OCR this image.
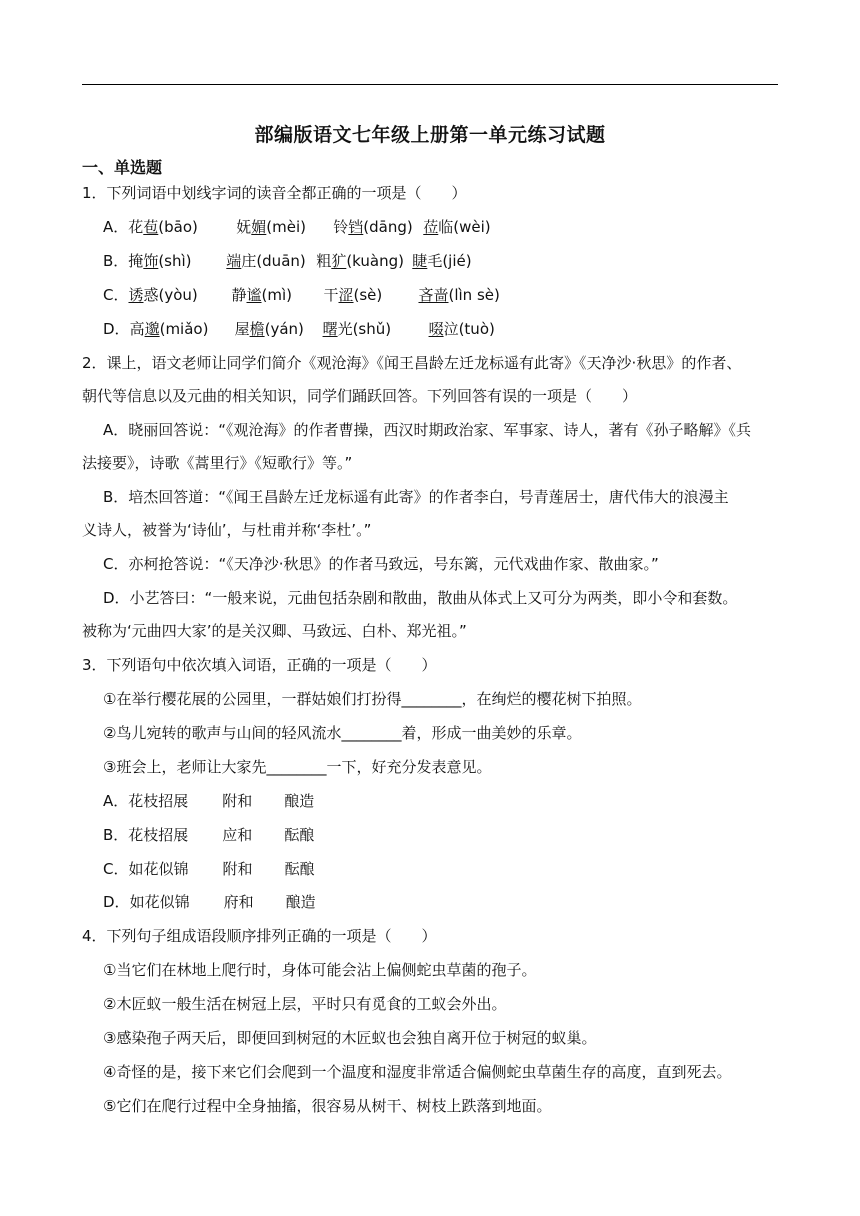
部编版语文七年级上册第一单元练习试题
一、单选题
1．下列词语中划线字词的读音全都正确的一项是（　　）
A．花苞(bāo)	妩媚(mèi) 铃铛(dāng) 莅临(wèi)
B．掩饰(shì) 端庄(duān) 粗犷(kuàng) 睫毛(jié)
C．诱惑(yòu) 静谧(mì) 干涩(sè) 吝啬(lìn sè)
D．高邈(miǎo) 屋檐(yán) 曙光(shǔ) 啜泣(tuò)
2．课上，语文老师让同学们简介《观沧海》《闻王昌龄左迁龙标遥有此寄》《天净沙·秋思》的作者、
朝代等信息以及元曲的相关知识，同学们踊跃回答。下列回答有误的一项是（　　）
A．晓丽回答说：“《观沧海》的作者曹操，西汉时期政治家、军事家、诗人，著有《孙子略解》《兵
法接要》，诗歌《蒿里行》《短歌行》等。”
B．培杰回答道：“《闻王昌龄左迁龙标遥有此寄》的作者李白，号青莲居士，唐代伟大的浪漫主
义诗人，被誉为‘诗仙’，与杜甫并称‘李杜’。”
C．亦柯抢答说：“《天净沙·秋思》的作者马致远，号东篱，元代戏曲作家、散曲家。”
D．小艺答曰：“一般来说，元曲包括杂剧和散曲，散曲从体式上又可分为两类，即小令和套数。
被称为‘元曲四大家’的是关汉卿、马致远、白朴、郑光祖。”
3．下列语句中依次填入词语，正确的一项是（　　）
①在举行樱花展的公园里，一群姑娘们打扮得________，在绚烂的樱花树下拍照。
②鸟儿宛转的歌声与山间的轻风流水________着，形成一曲美妙的乐章。
③班会上，老师让大家先________一下，好充分发表意见。
A．花枝招展 附和 酿造
B．花枝招展 应和 酝酿
C．如花似锦 附和 酝酿
D．如花似锦 府和 酿造
4．下列句子组成语段顺序排列正确的一项是（　　）
①当它们在林地上爬行时，身体可能会沾上偏侧蛇虫草菌的孢子。
②木匠蚁一般生活在树冠上层，平时只有觅食的工蚁会外出。
③感染孢子两天后，即便回到树冠的木匠蚁也会独自离开位于树冠的蚁巢。
④奇怪的是，接下来它们会爬到一个温度和湿度非常适合偏侧蛇虫草菌生存的高度，直到死去。
⑤它们在爬行过程中全身抽搐，很容易从树干、树枝上跌落到地面。
